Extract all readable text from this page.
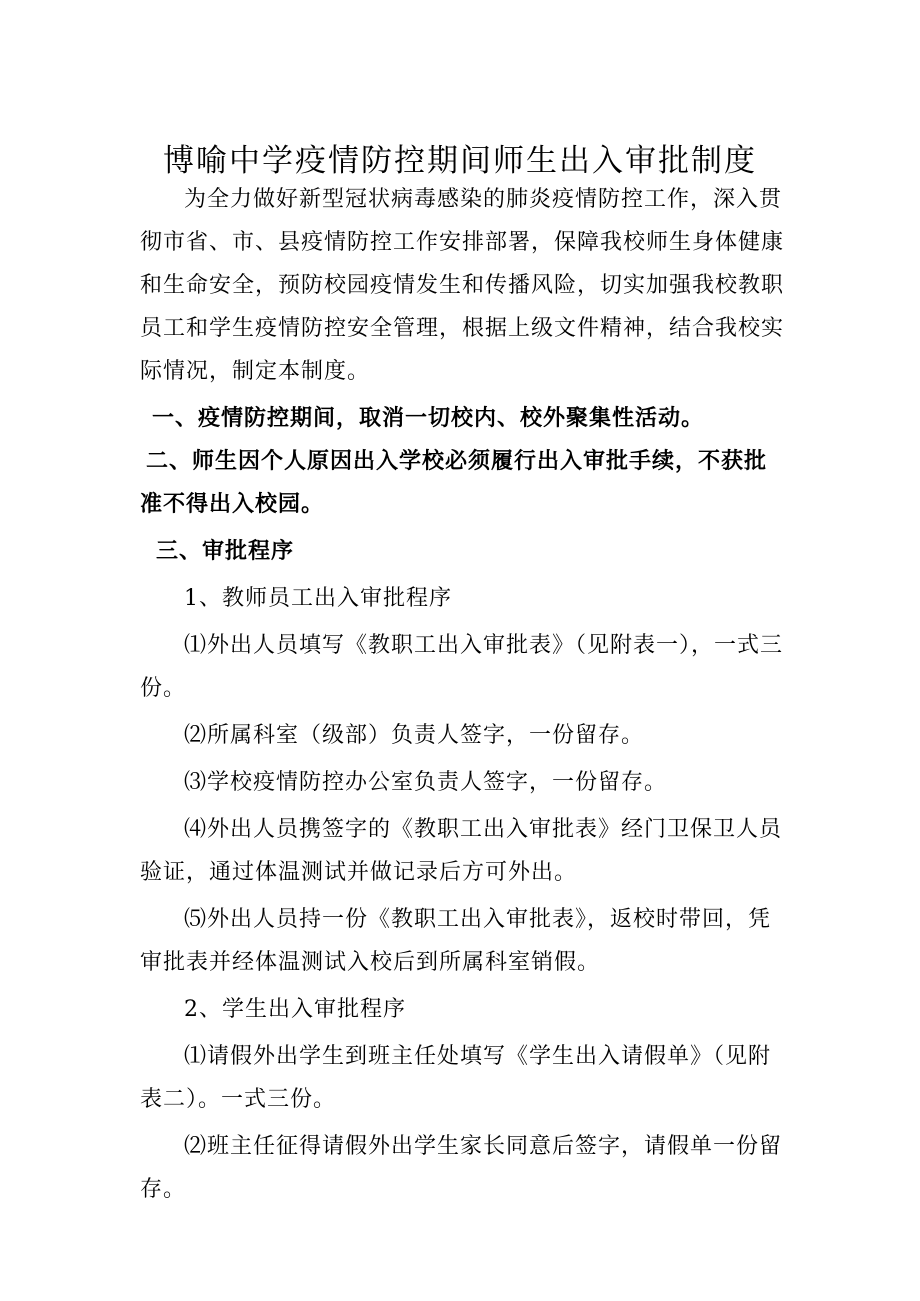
博喻中学疫情防控期间师生出入审批制度

为全力做好新型冠状病毒感染的肺炎疫情防控工作，深入贯彻市省、市、县疫情防控工作安排部署，保障我校师生身体健康和生命安全，预防校园疫情发生和传播风险，切实加强我校教职员工和学生疫情防控安全管理，根据上级文件精神，结合我校实际情况，制定本制度。

一、疫情防控期间，取消一切校内、校外聚集性活动。

二、师生因个人原因出入学校必须履行出入审批手续，不获批准不得出入校园。

三、审批程序

1、教师员工出入审批程序

⑴外出人员填写《教职工出入审批表》（见附表一），一式三份。

⑵所属科室（级部）负责人签字，一份留存。

⑶学校疫情防控办公室负责人签字，一份留存。

⑷外出人员携签字的《教职工出入审批表》经门卫保卫人员验证，通过体温测试并做记录后方可外出。

⑸外出人员持一份《教职工出入审批表》，返校时带回，凭审批表并经体温测试入校后到所属科室销假。

2、学生出入审批程序

⑴请假外出学生到班主任处填写《学生出入请假单》（见附表二）。一式三份。

⑵班主任征得请假外出学生家长同意后签字，请假单一份留存。
